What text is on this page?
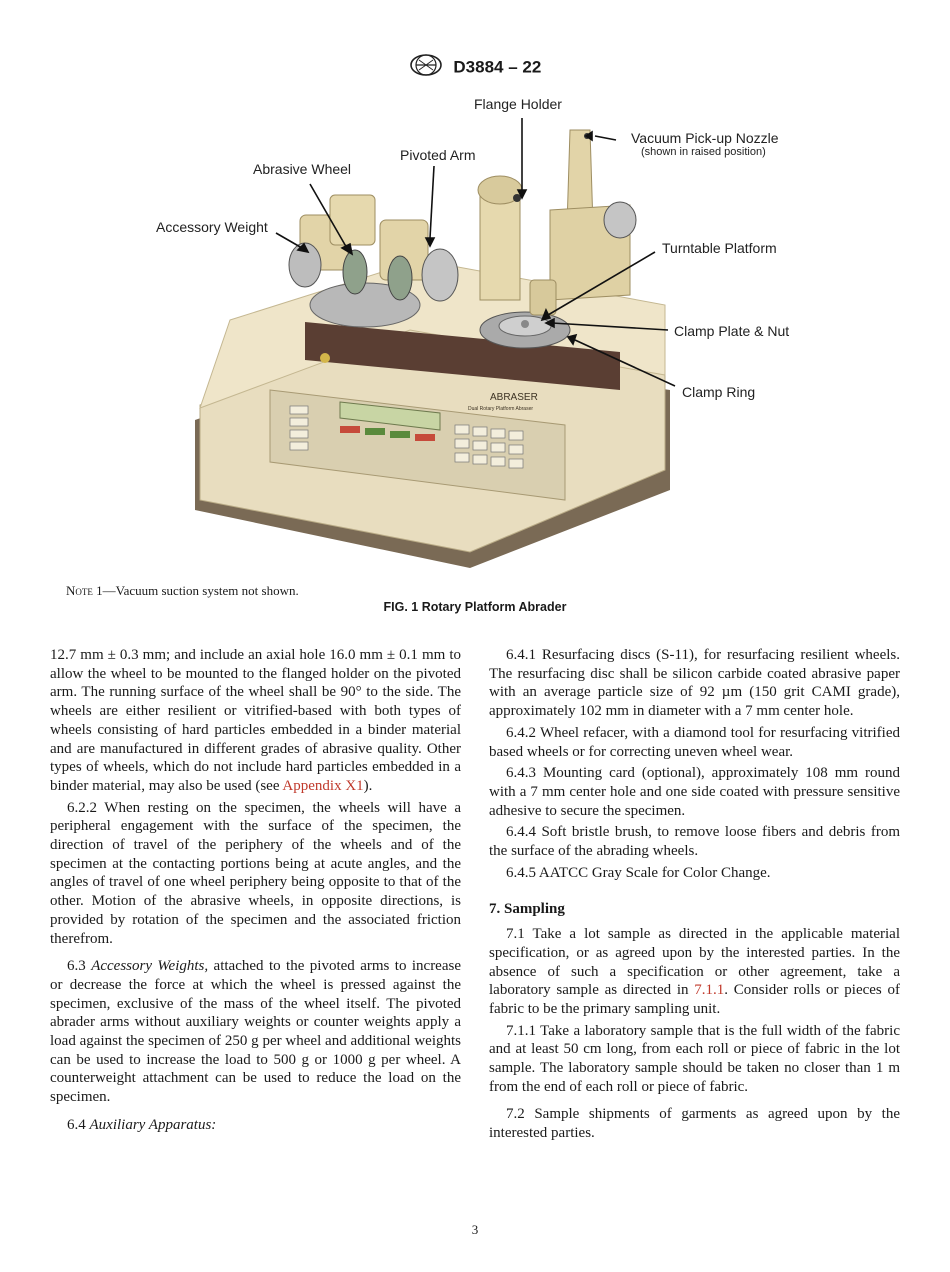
D3884 – 22
ABRASER
Dual Rotary Platform Abraser
Flange Holder
Vacuum Pick-up Nozzle
(shown in raised position)
Pivoted Arm
Abrasive Wheel
Accessory Weight
Turntable Platform
Clamp Plate & Nut
Clamp Ring
Note 1—Vacuum suction system not shown.
FIG. 1 Rotary Platform Abrader

12.7 mm ± 0.3 mm; and include an axial hole 16.0 mm ± 0.1 mm to allow the wheel to be mounted to the flanged holder on the pivoted arm. The running surface of the wheel shall be 90° to the side. The wheels are either resilient or vitrified-based with both types of wheels consisting of hard particles embedded in a binder material and are manufactured in different grades of abrasive quality. Other types of wheels, which do not include hard particles embedded in a binder material, may also be used (see Appendix X1).

6.2.2 When resting on the specimen, the wheels will have a peripheral engagement with the surface of the specimen, the direction of travel of the periphery of the wheels and of the specimen at the contacting portions being at acute angles, and the angles of travel of one wheel periphery being opposite to that of the other. Motion of the abrasive wheels, in opposite directions, is provided by rotation of the specimen and the associated friction therefrom.

6.3 Accessory Weights, attached to the pivoted arms to increase or decrease the force at which the wheel is pressed against the specimen, exclusive of the mass of the wheel itself. The pivoted abrader arms without auxiliary weights or counter weights apply a load against the specimen of 250 g per wheel and additional weights can be used to increase the load to 500 g or 1000 g per wheel. A counterweight attachment can be used to reduce the load on the specimen.

6.4 Auxiliary Apparatus:

6.4.1 Resurfacing discs (S-11), for resurfacing resilient wheels. The resurfacing disc shall be silicon carbide coated abrasive paper with an average particle size of 92 µm (150 grit CAMI grade), approximately 102 mm in diameter with a 7 mm center hole.

6.4.2 Wheel refacer, with a diamond tool for resurfacing vitrified based wheels or for correcting uneven wheel wear.

6.4.3 Mounting card (optional), approximately 108 mm round with a 7 mm center hole and one side coated with pressure sensitive adhesive to secure the specimen.

6.4.4 Soft bristle brush, to remove loose fibers and debris from the surface of the abrading wheels.

6.4.5 AATCC Gray Scale for Color Change.

7. Sampling

7.1 Take a lot sample as directed in the applicable material specification, or as agreed upon by the interested parties. In the absence of such a specification or other agreement, take a laboratory sample as directed in 7.1.1. Consider rolls or pieces of fabric to be the primary sampling unit.

7.1.1 Take a laboratory sample that is the full width of the fabric and at least 50 cm long, from each roll or piece of fabric in the lot sample. The laboratory sample should be taken no closer than 1 m from the end of each roll or piece of fabric.

7.2 Sample shipments of garments as agreed upon by the interested parties.

3
